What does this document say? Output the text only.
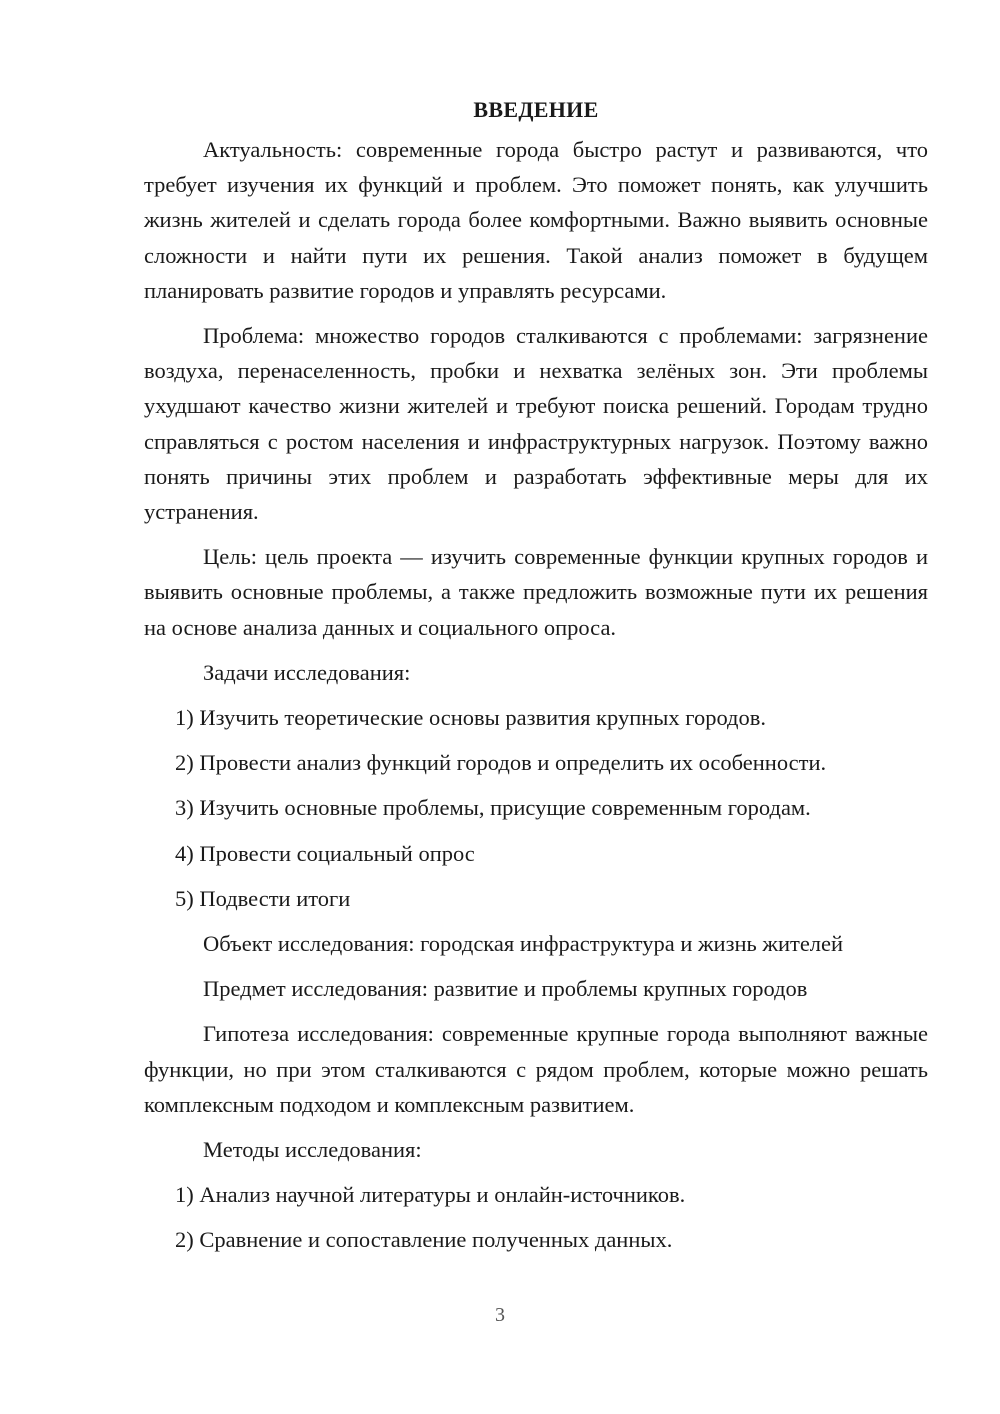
ВВЕДЕНИЕ

Актуальность: современные города быстро растут и развиваются, что требует изучения их функций и проблем. Это поможет понять, как улучшить жизнь жителей и сделать города более комфортными. Важно выявить основные сложности и найти пути их решения. Такой анализ поможет в будущем планировать развитие городов и управлять ресурсами.

Проблема: множество городов сталкиваются с проблемами: загрязнение воздуха, перенаселенность, пробки и нехватка зелёных зон. Эти проблемы ухудшают качество жизни жителей и требуют поиска решений. Городам трудно справляться с ростом населения и инфраструктурных нагрузок. Поэтому важно понять причины этих проблем и разработать эффективные меры для их устранения.

Цель: цель проекта — изучить современные функции крупных городов и выявить основные проблемы, а также предложить возможные пути их решения на основе анализа данных и социального опроса.

Задачи исследования:
1) Изучить теоретические основы развития крупных городов.
2) Провести анализ функций городов и определить их особенности.
3) Изучить основные проблемы, присущие современным городам.
4) Провести социальный опрос
5) Подвести итоги
Объект исследования: городская инфраструктура и жизнь жителей
Предмет исследования: развитие и проблемы крупных городов

Гипотеза исследования: современные крупные города выполняют важные функции, но при этом сталкиваются с рядом проблем, которые можно решать комплексным подходом и комплексным развитием.

Методы исследования:
1) Анализ научной литературы и онлайн-источников.
2) Сравнение и сопоставление полученных данных.
3
